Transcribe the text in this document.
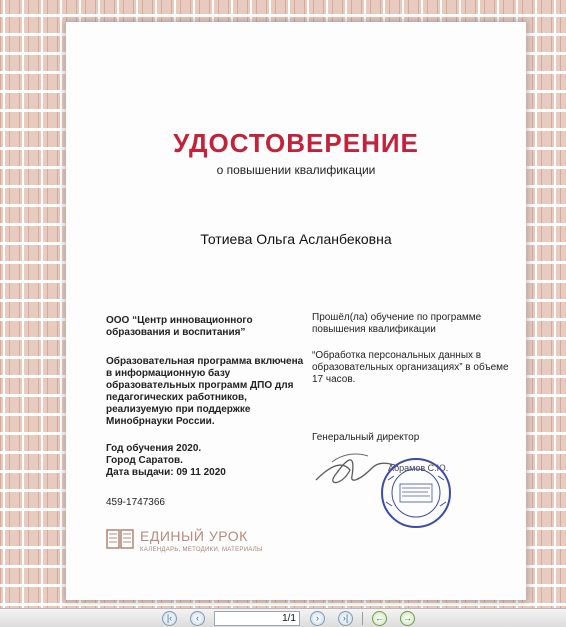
УДОСТОВЕРЕНИЕ
о повышении квалификации
Тотиева Ольга Асланбековна
ООО “Центр инновационного образования и воспитания”
Образовательная программа включена в информационную базу образовательных программ ДПО для педагогических работников, реализуемую при поддержке Минобрнауки России.
Год обучения 2020.
Город Саратов.
Дата выдачи: 09 11 2020
459-1747366
Прошёл(ла) обучение по программе повышения квалификации
“Обработка персональных данных в образовательных организациях” в объеме 17 часов.
Генеральный директор
Абрамов С.Ю.
ЕДИНЫЙ УРОК
КАЛЕНДАРЬ, МЕТОДИКИ, МАТЕРИАЛЫ
|‹	‹	1/1	›	›|	←	→
